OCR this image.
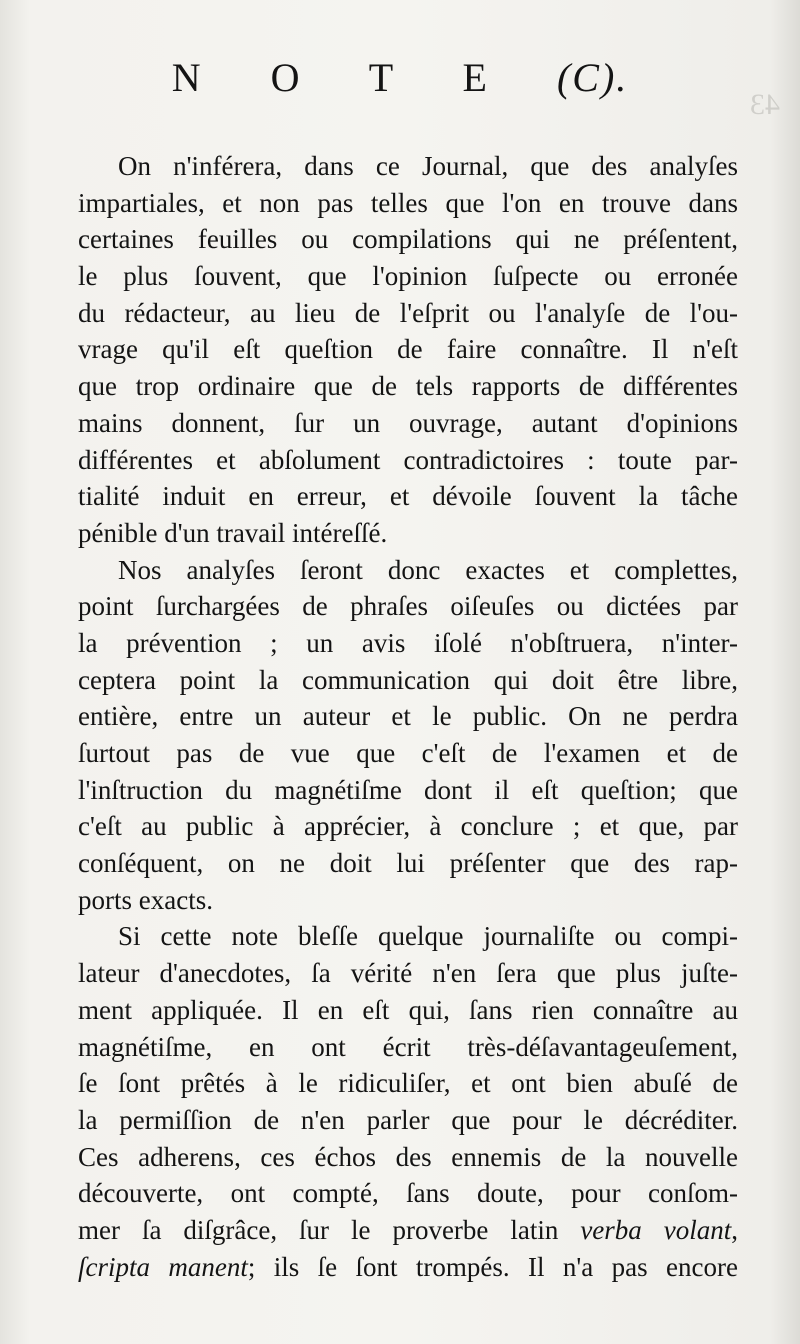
43
N O T E (C).
On n'inférera, dans ce Journal, que des analyſes
impartiales, et non pas telles que l'on en trouve dans
certaines feuilles ou compilations qui ne préſentent,
le plus ſouvent, que l'opinion ſuſpecte ou erronée
du rédacteur, au lieu de l'eſprit ou l'analyſe de l'ou-
vrage qu'il eſt queſtion de faire connaître. Il n'eſt
que trop ordinaire que de tels rapports de différentes
mains donnent, ſur un ouvrage, autant d'opinions
différentes et abſolument contradictoires : toute par-
tialité induit en erreur, et dévoile ſouvent la tâche
pénible d'un travail intéreſſé.
Nos analyſes ſeront donc exactes et complettes,
point ſurchargées de phraſes oiſeuſes ou dictées par
la prévention ; un avis iſolé n'obſtruera, n'inter-
ceptera point la communication qui doit être libre,
entière, entre un auteur et le public. On ne perdra
ſurtout pas de vue que c'eſt de l'examen et de
l'inſtruction du magnétiſme dont il eſt queſtion; que
c'eſt au public à apprécier, à conclure ; et que, par
conſéquent, on ne doit lui préſenter que des rap-
ports exacts.
Si cette note bleſſe quelque journaliſte ou compi-
lateur d'anecdotes, ſa vérité n'en ſera que plus juſte-
ment appliquée. Il en eſt qui, ſans rien connaître au
magnétiſme, en ont écrit très-déſavantageuſement,
ſe ſont prêtés à le ridiculiſer, et ont bien abuſé de
la permiſſion de n'en parler que pour le décréditer.
Ces adherens, ces échos des ennemis de la nouvelle
découverte, ont compté, ſans doute, pour conſom-
mer ſa diſgrâce, ſur le proverbe latin verba volant,
ſcripta manent; ils ſe ſont trompés. Il n'a pas encore
